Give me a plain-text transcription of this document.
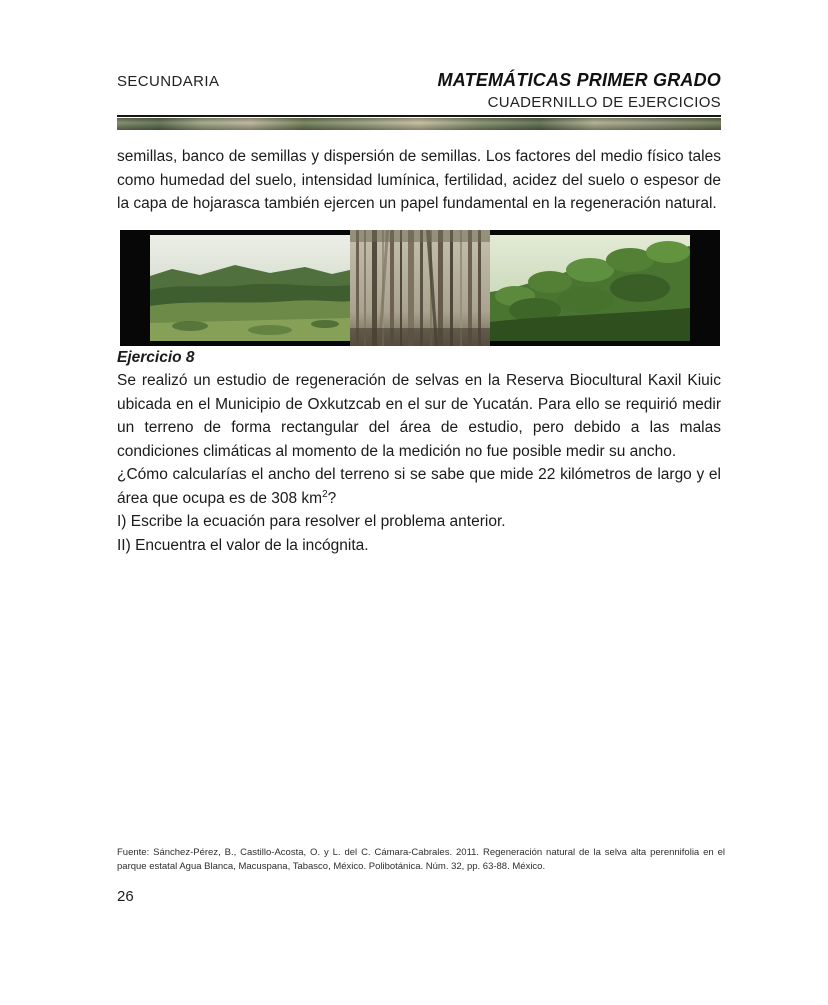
SECUNDARIA	MATEMÁTICAS PRIMER GRADO
CUADERNILLO DE EJERCICIOS

semillas, banco de semillas y dispersión de semillas. Los factores del medio físico tales como humedad del suelo, intensidad lumínica, fertilidad, acidez del suelo o espesor de la capa de hojarasca también ejercen un papel fundamental en la regeneración natural.

Ejercicio 8

Se realizó un estudio de regeneración de selvas en la Reserva Biocultural Kaxil Kiuic ubicada en el Municipio de Oxkutzcab en el sur de Yucatán. Para ello se requirió medir un terreno de forma rectangular del área de estudio, pero debido a las malas condiciones climáticas al momento de la medición no fue posible medir su ancho.

¿Cómo calcularías el ancho del terreno si se sabe que mide 22 kilómetros de largo y el área que ocupa es de 308 $km^2$?

I) Escribe la ecuación para resolver el problema anterior.

II) Encuentra el valor de la incógnita.

Fuente: Sánchez-Pérez, B., Castillo-Acosta, O. y L. del C. Cámara-Cabrales. 2011. Regeneración natural de la selva alta perennifolia en el parque estatal Agua Blanca, Macuspana, Tabasco, México. Polibotánica. Núm. 32, pp. 63-88. México.
26
